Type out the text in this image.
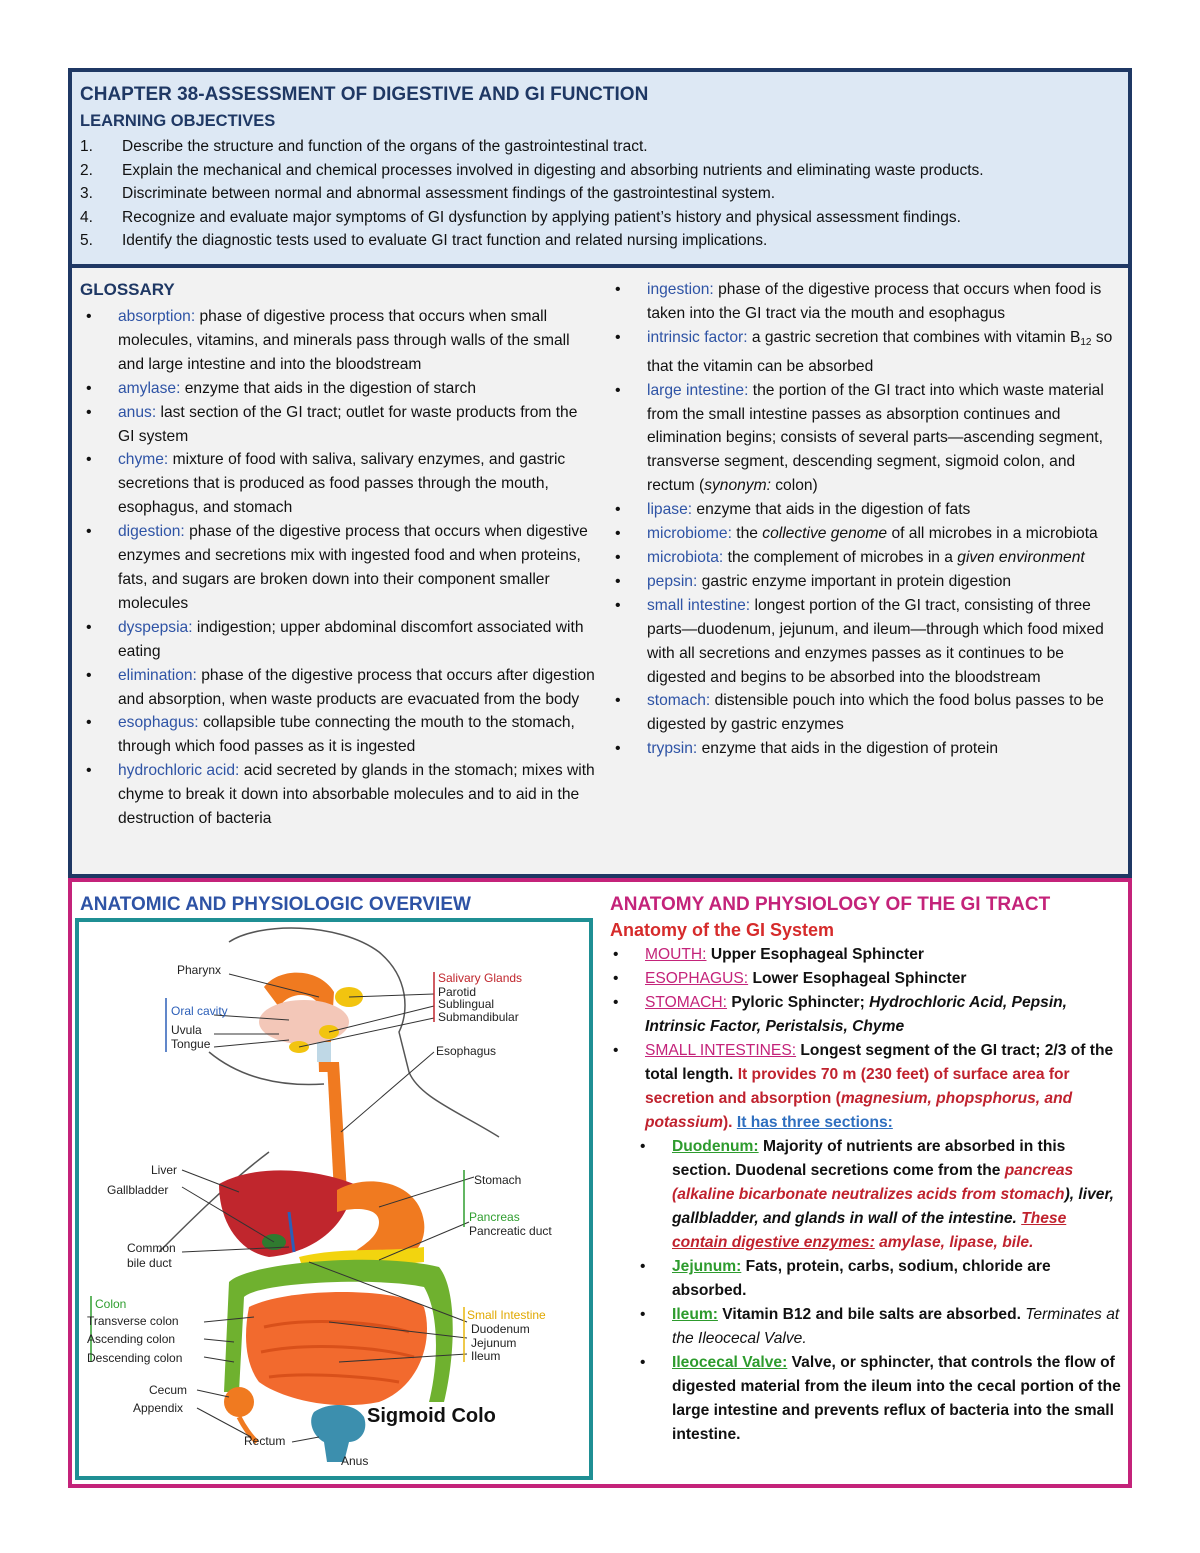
CHAPTER 38-ASSESSMENT OF DIGESTIVE AND GI FUNCTION
LEARNING OBJECTIVES
1. Describe the structure and function of the organs of the gastrointestinal tract.
2. Explain the mechanical and chemical processes involved in digesting and absorbing nutrients and eliminating waste products.
3. Discriminate between normal and abnormal assessment findings of the gastrointestinal system.
4. Recognize and evaluate major symptoms of GI dysfunction by applying patient’s history and physical assessment findings.
5. Identify the diagnostic tests used to evaluate GI tract function and related nursing implications.
GLOSSARY
• absorption: phase of digestive process that occurs when small molecules, vitamins, and minerals pass through walls of the small and large intestine and into the bloodstream
• amylase: enzyme that aids in the digestion of starch
• anus: last section of the GI tract; outlet for waste products from the GI system
• chyme: mixture of food with saliva, salivary enzymes, and gastric secretions that is produced as food passes through the mouth, esophagus, and stomach
• digestion: phase of the digestive process that occurs when digestive enzymes and secretions mix with ingested food and when proteins, fats, and sugars are broken down into their component smaller molecules
• dyspepsia: indigestion; upper abdominal discomfort associated with eating
• elimination: phase of the digestive process that occurs after digestion and absorption, when waste products are evacuated from the body
• esophagus: collapsible tube connecting the mouth to the stomach, through which food passes as it is ingested
• hydrochloric acid: acid secreted by glands in the stomach; mixes with chyme to break it down into absorbable molecules and to aid in the destruction of bacteria
• ingestion: phase of the digestive process that occurs when food is taken into the GI tract via the mouth and esophagus
• intrinsic factor: a gastric secretion that combines with vitamin $B_{12}$ so that the vitamin can be absorbed
• large intestine: the portion of the GI tract into which waste material from the small intestine passes as absorption continues and elimination begins; consists of several parts—ascending segment, transverse segment, descending segment, sigmoid colon, and rectum (synonym: colon)
• lipase: enzyme that aids in the digestion of fats
• microbiome: the collective genome of all microbes in a microbiota
• microbiota: the complement of microbes in a given environment
• pepsin: gastric enzyme important in protein digestion
• small intestine: longest portion of the GI tract, consisting of three parts—duodenum, jejunum, and ileum—through which food mixed with all secretions and enzymes passes as it continues to be digested and begins to be absorbed into the bloodstream
• stomach: distensible pouch into which the food bolus passes to be digested by gastric enzymes
• trypsin: enzyme that aids in the digestion of protein
ANATOMIC AND PHYSIOLOGIC OVERVIEW	ANATOMY AND PHYSIOLOGY OF THE GI TRACT
Anatomy of the GI System
• MOUTH: Upper Esophageal Sphincter
• ESOPHAGUS: Lower Esophageal Sphincter
• STOMACH: Pyloric Sphincter; Hydrochloric Acid, Pepsin, Intrinsic Factor, Peristalsis, Chyme
• SMALL INTESTINES: Longest segment of the GI tract; 2/3 of the total length. It provides 70 m (230 feet) of surface area for secretion and absorption (magnesium, phopsphorus, and potassium). It has three sections:
• Duodenum: Majority of nutrients are absorbed in this section. Duodenal secretions come from the pancreas (alkaline bicarbonate neutralizes acids from stomach), liver, gallbladder, and glands in wall of the intestine. These contain digestive enzymes: amylase, lipase, bile.
• Jejunum: Fats, protein, carbs, sodium, chloride are absorbed.
• Ileum: Vitamin B12 and bile salts are absorbed. Terminates at the Ileocecal Valve.
• Ileocecal Valve: Valve, or sphincter, that controls the flow of digested material from the ileum into the cecal portion of the large intestine and prevents reflux of bacteria into the small intestine.
Pharynx
Oral cavity
Uvula
Tongue
Salivary Glands
Parotid
Sublingual
Submandibular
Esophagus
Liver
Gallbladder
Stomach
Pancreas
Pancreatic duct
Common
bile duct
Colon
Transverse colon
Ascending colon
Descending colon
Small Intestine
Duodenum
Jejunum
Ileum
Cecum
Appendix
Rectum
Anus
Sigmoid Colo
